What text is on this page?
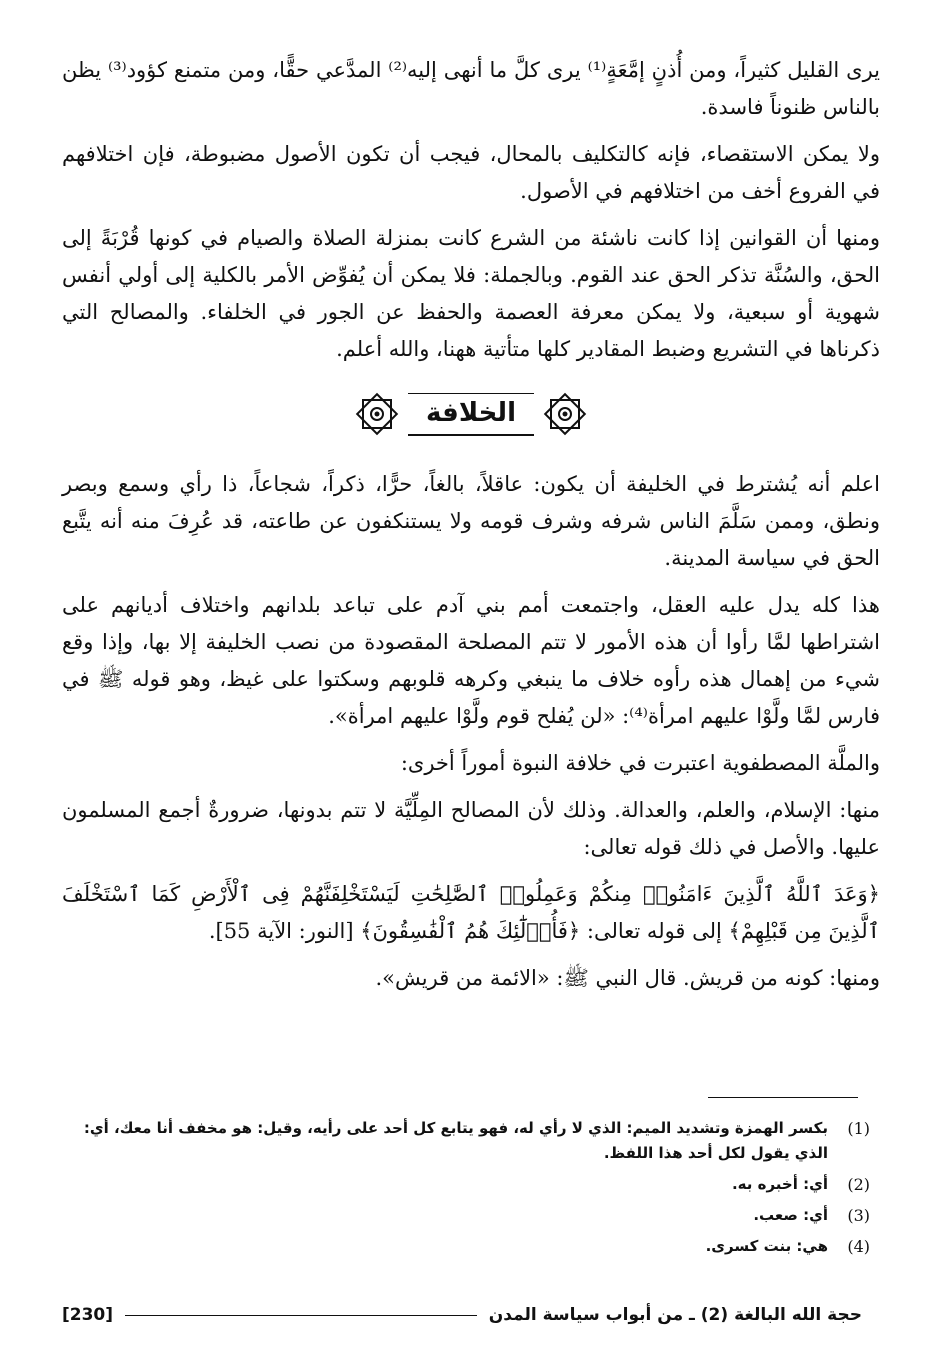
يرى القليل كثيراً، ومن أُذنٍ إمَّعَةٍ⁽¹⁾ يرى كلَّ ما أنهى إليه⁽²⁾ المدَّعي حقًّا، ومن متمنع كؤود⁽³⁾ يظن بالناس ظنوناً فاسدة.

ولا يمكن الاستقصاء، فإنه كالتكليف بالمحال، فيجب أن تكون الأصول مضبوطة، فإن اختلافهم في الفروع أخف من اختلافهم في الأصول.

ومنها أن القوانين إذا كانت ناشئة من الشرع كانت بمنزلة الصلاة والصيام في كونها قُرْبَةً إلى الحق، والسُنَّة تذكر الحق عند القوم. وبالجملة: فلا يمكن أن يُفوِّض الأمر بالكلية إلى أولي أنفس شهوية أو سبعية، ولا يمكن معرفة العصمة والحفظ عن الجور في الخلفاء. والمصالح التي ذكرناها في التشريع وضبط المقادير كلها متأتية ههنا، والله أعلم.

الخلافة

اعلم أنه يُشترط في الخليفة أن يكون: عاقلاً، بالغاً، حرًّا، ذكراً، شجاعاً، ذا رأي وسمع وبصر ونطق، وممن سَلَّمَ الناس شرفه وشرف قومه ولا يستنكفون عن طاعته، قد عُرِفَ منه أنه يتَّبع الحق في سياسة المدينة.

هذا كله يدل عليه العقل، واجتمعت أمم بني آدم على تباعد بلدانهم واختلاف أديانهم على اشتراطها لمَّا رأوا أن هذه الأمور لا تتم المصلحة المقصودة من نصب الخليفة إلا بها، وإذا وقع شيء من إهمال هذه رأوه خلاف ما ينبغي وكرهه قلوبهم وسكتوا على غيظ، وهو قوله ﷺ في فارس لمَّا ولَّوْا عليهم امرأة⁽⁴⁾: «لن يُفلح قوم ولَّوْا عليهم امرأة».

والملَّة المصطفوية اعتبرت في خلافة النبوة أموراً أخرى:

منها: الإسلام، والعلم، والعدالة. وذلك لأن المصالح المِلِّيَّة لا تتم بدونها، ضرورةٌ أجمع المسلمون عليها. والأصل في ذلك قوله تعالى:

﴿وَعَدَ ٱللَّهُ ٱلَّذِينَ ءَامَنُوا۟ مِنكُمْ وَعَمِلُوا۟ ٱلصَّٰلِحَٰتِ لَيَسْتَخْلِفَنَّهُمْ فِى ٱلْأَرْضِ كَمَا ٱسْتَخْلَفَ ٱلَّذِينَ مِن قَبْلِهِمْ﴾ إلى قوله تعالى: ﴿فَأُو۟لَٰٓئِكَ هُمُ ٱلْفَٰسِقُونَ﴾ [النور: الآية 55].

ومنها: كونه من قريش. قال النبي ﷺ: «الائمة من قريش».

(1)
بكسر الهمزة وتشديد الميم: الذي لا رأي له، فهو يتابع كل أحد على رأيه، وقيل: هو مخفف أنا معك، أي: الذي يقول لكل أحد هذا اللفظ.
(2)
أي: أخبره به.
(3)
أي: صعب.
(4)
هي: بنت كسرى.
حجة الله البالغة (2) ـ من أبواب سياسة المدن
[230]
